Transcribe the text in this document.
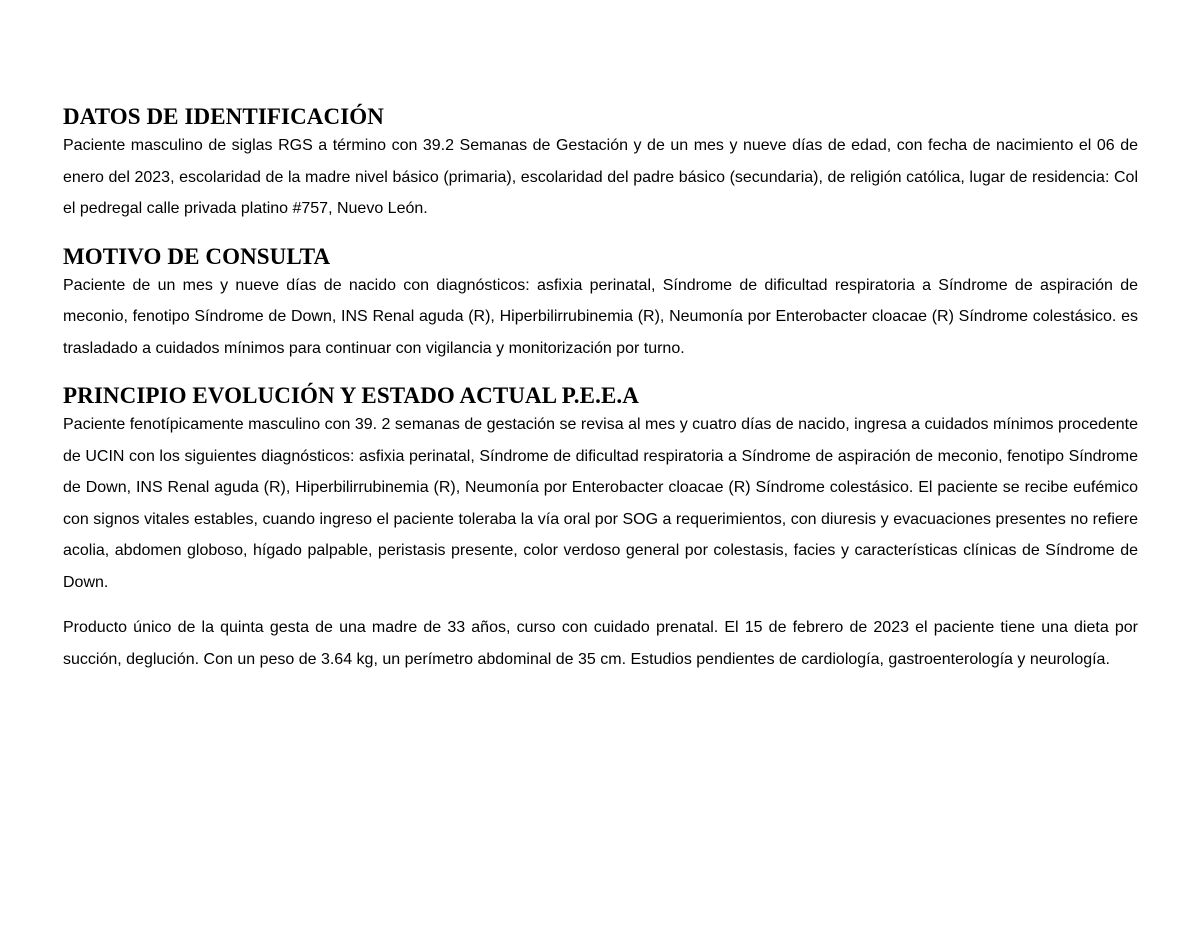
DATOS DE IDENTIFICACIÓN

Paciente masculino de siglas RGS a término con 39.2 Semanas de Gestación y de un mes y nueve días de edad, con fecha de nacimiento el 06 de enero del 2023, escolaridad de la madre nivel básico (primaria), escolaridad del padre básico (secundaria), de religión católica, lugar de residencia: Col el pedregal calle privada platino #757, Nuevo León.

MOTIVO DE CONSULTA

Paciente de un mes y nueve días de nacido con diagnósticos: asfixia perinatal, Síndrome de dificultad respiratoria a Síndrome de aspiración de meconio, fenotipo Síndrome de Down, INS Renal aguda (R), Hiperbilirrubinemia (R), Neumonía por Enterobacter cloacae (R) Síndrome colestásico. es trasladado a cuidados mínimos para continuar con vigilancia y monitorización por turno.

PRINCIPIO EVOLUCIÓN Y ESTADO ACTUAL P.E.E.A

Paciente fenotípicamente masculino con 39. 2 semanas de gestación se revisa al mes y cuatro días de nacido, ingresa a cuidados mínimos procedente de UCIN con los siguientes diagnósticos: asfixia perinatal, Síndrome de dificultad respiratoria a Síndrome de aspiración de meconio, fenotipo Síndrome de Down, INS Renal aguda (R), Hiperbilirrubinemia (R), Neumonía por Enterobacter cloacae (R) Síndrome colestásico. El paciente se recibe eufémico con signos vitales estables, cuando ingreso el paciente toleraba la vía oral por SOG a requerimientos, con diuresis y evacuaciones presentes no refiere acolia, abdomen globoso, hígado palpable, peristasis presente, color verdoso general por colestasis, facies y características clínicas de Síndrome de Down.

Producto único de la quinta gesta de una madre de 33 años, curso con cuidado prenatal. El 15 de febrero de 2023 el paciente tiene una dieta por succión, deglución. Con un peso de 3.64 kg, un perímetro abdominal de 35 cm. Estudios pendientes de cardiología, gastroenterología y neurología.
